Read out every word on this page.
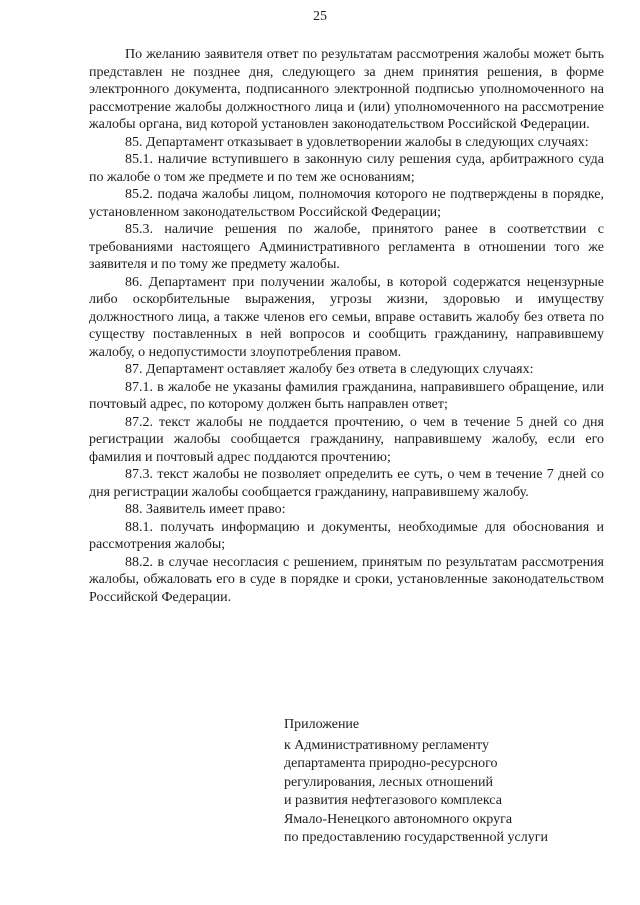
25

По желанию заявителя ответ по результатам рассмотрения жалобы может быть представлен не позднее дня, следующего за днем принятия решения, в форме электронного документа, подписанного электронной подписью уполномоченного на рассмотрение жалобы должностного лица и (или) уполномоченного на рассмотрение жалобы органа, вид которой установлен законодательством Российской Федерации.

85. Департамент отказывает в удовлетворении жалобы в следующих случаях:

85.1. наличие вступившего в законную силу решения суда, арбитражного суда по жалобе о том же предмете и по тем же основаниям;

85.2. подача жалобы лицом, полномочия которого не подтверждены в порядке, установленном законодательством Российской Федерации;

85.3. наличие решения по жалобе, принятого ранее в соответствии с требованиями настоящего Административного регламента в отношении того же заявителя и по тому же предмету жалобы.

86. Департамент при получении жалобы, в которой содержатся нецензурные либо оскорбительные выражения, угрозы жизни, здоровью и имуществу должностного лица, а также членов его семьи, вправе оставить жалобу без ответа по существу поставленных в ней вопросов и сообщить гражданину, направившему жалобу, о недопустимости злоупотребления правом.

87. Департамент оставляет жалобу без ответа в следующих случаях:

87.1. в жалобе не указаны фамилия гражданина, направившего обращение, или почтовый адрес, по которому должен быть направлен ответ;

87.2. текст жалобы не поддается прочтению, о чем в течение 5 дней со дня регистрации жалобы сообщается гражданину, направившему жалобу, если его фамилия и почтовый адрес поддаются прочтению;

87.3. текст жалобы не позволяет определить ее суть, о чем в течение 7 дней со дня регистрации жалобы сообщается гражданину, направившему жалобу.

88. Заявитель имеет право:

88.1. получать информацию и документы, необходимые для обоснования и рассмотрения жалобы;

88.2. в случае несогласия с решением, принятым по результатам рассмотрения жалобы, обжаловать его в суде в порядке и сроки, установленные законодательством Российской Федерации.

Приложение
к Административному регламенту
департамента природно-ресурсного
регулирования, лесных отношений
и развития нефтегазового комплекса
Ямало-Ненецкого автономного округа
по предоставлению государственной услуги
